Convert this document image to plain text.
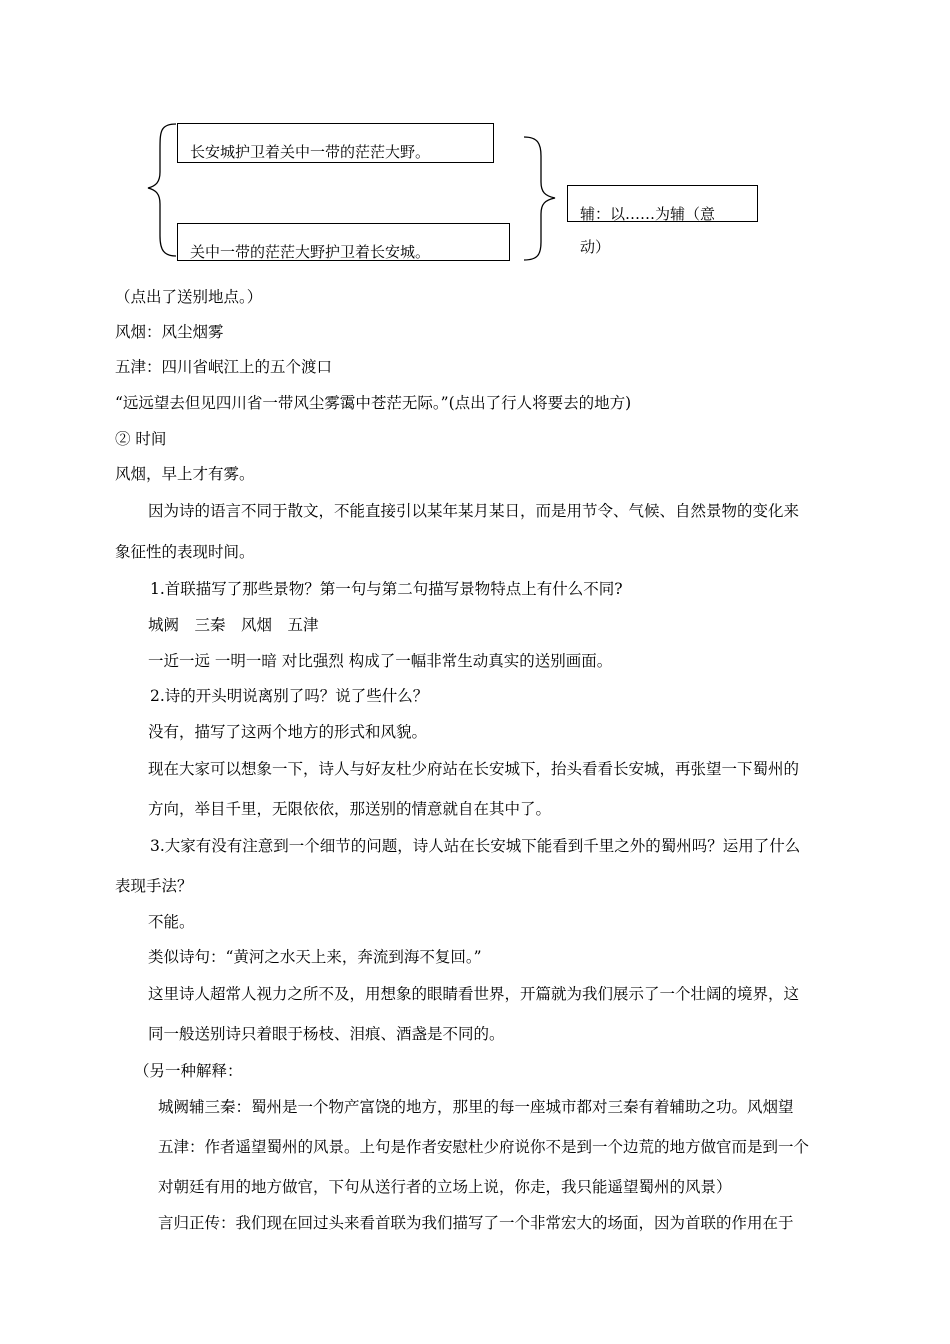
长安城护卫着关中一带的茫茫大野。
关中一带的茫茫大野护卫着长安城。
辅：以……为辅（意
动）
（点出了送别地点。）
风烟：风尘烟雾
五津：四川省岷江上的五个渡口
“远远望去但见四川省一带风尘雾霭中苍茫无际。”(点出了行人将要去的地方)
② 时间
风烟，早上才有雾。
因为诗的语言不同于散文，不能直接引以某年某月某日，而是用节令、气候、自然景物的变化来
象征性的表现时间。
1.首联描写了那些景物？第一句与第二句描写景物特点上有什么不同?
城阙　三秦　风烟　五津
一近一远 一明一暗 对比强烈 构成了一幅非常生动真实的送别画面。
2.诗的开头明说离别了吗？说了些什么？
没有，描写了这两个地方的形式和风貌。
现在大家可以想象一下，诗人与好友杜少府站在长安城下，抬头看看长安城，再张望一下蜀州的
方向，举目千里，无限依依，那送别的情意就自在其中了。
3.大家有没有注意到一个细节的问题，诗人站在长安城下能看到千里之外的蜀州吗？运用了什么
表现手法？
不能。
类似诗句：“黄河之水天上来，奔流到海不复回。”
这里诗人超常人视力之所不及，用想象的眼睛看世界，开篇就为我们展示了一个壮阔的境界，这
同一般送别诗只着眼于杨枝、泪痕、酒盏是不同的。
（另一种解释：
城阙辅三秦：蜀州是一个物产富饶的地方，那里的每一座城市都对三秦有着辅助之功。风烟望
五津：作者遥望蜀州的风景。上句是作者安慰杜少府说你不是到一个边荒的地方做官而是到一个
对朝廷有用的地方做官，下句从送行者的立场上说，你走，我只能遥望蜀州的风景）
言归正传：我们现在回过头来看首联为我们描写了一个非常宏大的场面，因为首联的作用在于
